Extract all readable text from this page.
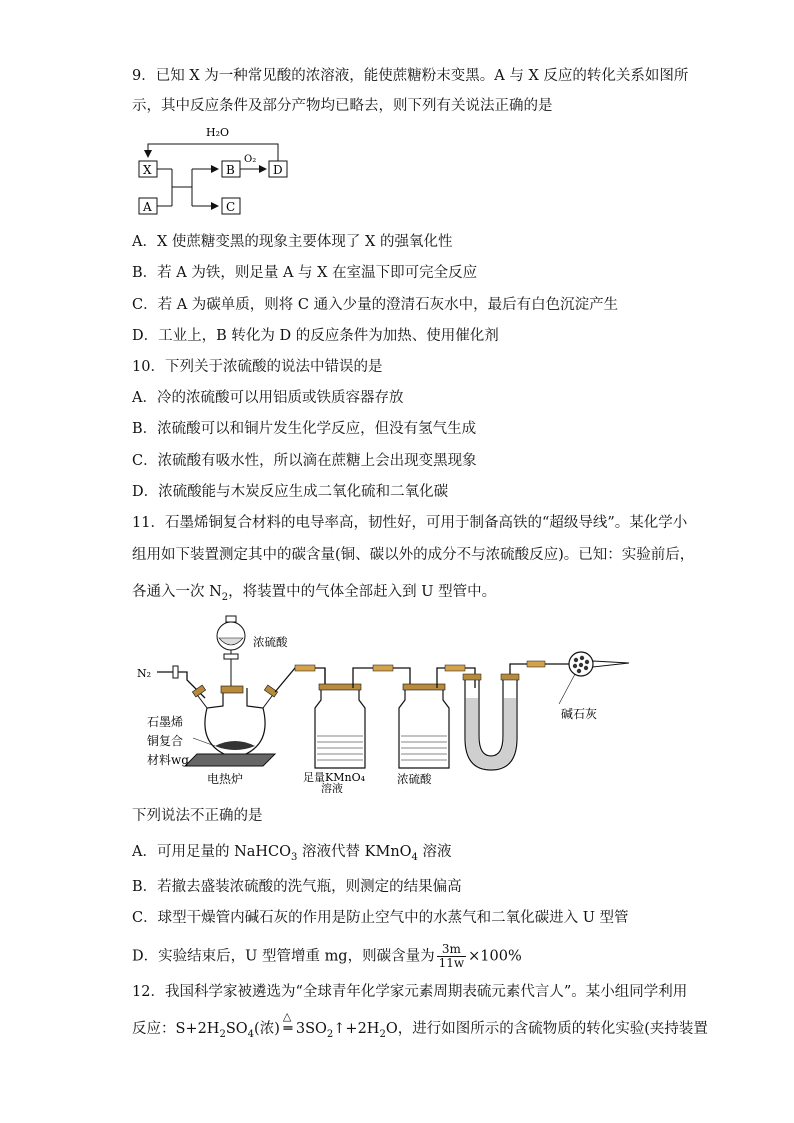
9．已知 X 为一种常见酸的浓溶液，能使蔗糖粉末变黑。A 与 X 反应的转化关系如图所
示，其中反应条件及部分产物均已略去，则下列有关说法正确的是
H₂O
X
A
B
C
O₂
D
A．X 使蔗糖变黑的现象主要体现了 X 的强氧化性
B．若 A 为铁，则足量 A 与 X 在室温下即可完全反应
C．若 A 为碳单质，则将 C 通入少量的澄清石灰水中，最后有白色沉淀产生
D．工业上，B 转化为 D 的反应条件为加热、使用催化剂
10．下列关于浓硫酸的说法中错误的是
A．冷的浓硫酸可以用铝质或铁质容器存放
B．浓硫酸可以和铜片发生化学反应，但没有氢气生成
C．浓硫酸有吸水性，所以滴在蔗糖上会出现变黑现象
D．浓硫酸能与木炭反应生成二氧化硫和二氧化碳
11．石墨烯铜复合材料的电导率高，韧性好，可用于制备高铁的“超级导线”。某化学小
组用如下装置测定其中的碳含量(铜、碳以外的成分不与浓硫酸反应)。已知：实验前后，
各通入一次 $N_2$，将装置中的气体全部赶入到 U 型管中。
N₂
浓硫酸
电热炉
石墨烯
铜复合
材料wg
足量KMnO₄
溶液
浓硫酸
碱石灰
下列说法不正确的是
A．可用足量的 NaHCO$_3$ 溶液代替 KMnO$_4$ 溶液
B．若撤去盛装浓硫酸的洗气瓶，则测定的结果偏高
C．球型干燥管内碱石灰的作用是防止空气中的水蒸气和二氧化碳进入 U 型管
D．实验结束后，U 型管增重 mg，则碳含量为 $\frac{3m}{11w} \times 100\%$
12．我国科学家被遴选为“全球青年化学家元素周期表硫元素代言人”。某小组同学利用
反应：$S+2H_2SO_4$(浓)
△
═ $3SO_2↑+2H_2O$，进行如图所示的含硫物质的转化实验(夹持装置
